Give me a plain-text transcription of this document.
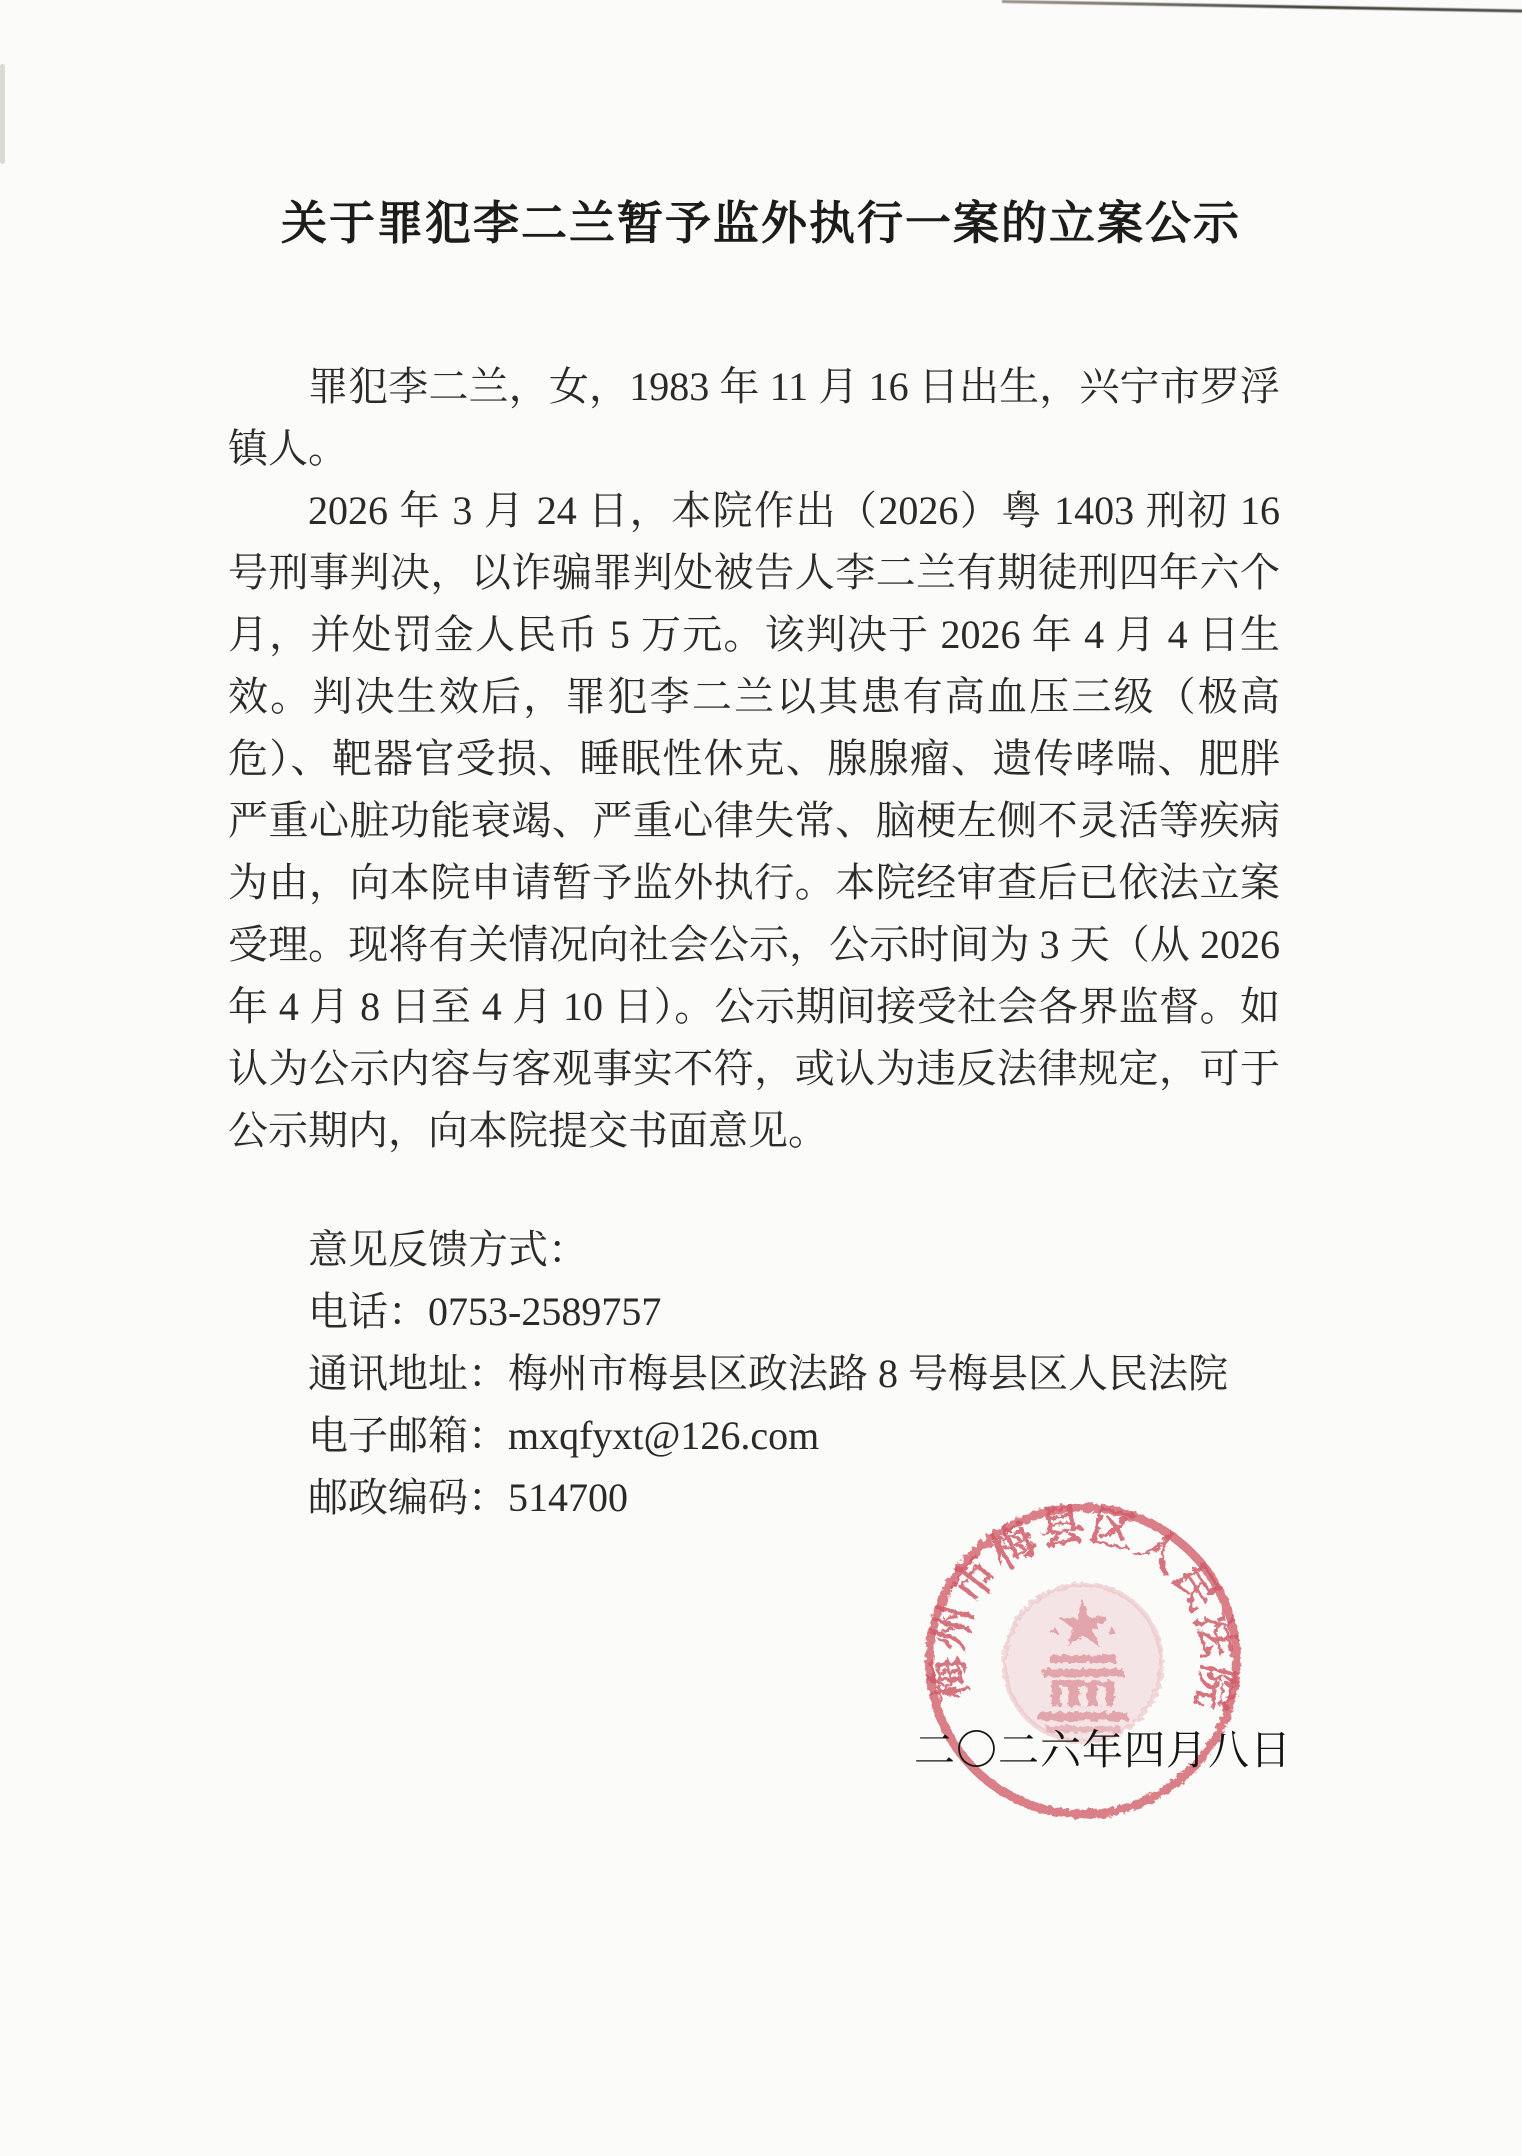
关于罪犯李二兰暂予监外执行一案的立案公示

罪犯李二兰，女，1983 年 11 月 16 日出生，兴宁市罗浮镇人。

2026 年 3 月 24 日，本院作出（2026）粤 1403 刑初 16 号刑事判决，以诈骗罪判处被告人李二兰有期徒刑四年六个月，并处罚金人民币 5 万元。该判决于 2026 年 4 月 4 日生效。判决生效后，罪犯李二兰以其患有高血压三级（极高危）、靶器官受损、睡眠性休克、腺腺瘤、遗传哮喘、肥胖严重心脏功能衰竭、严重心律失常、脑梗左侧不灵活等疾病为由，向本院申请暂予监外执行。本院经审查后已依法立案受理。现将有关情况向社会公示，公示时间为 3 天（从 2026 年 4 月 8 日至 4 月 10 日）。公示期间接受社会各界监督。如认为公示内容与客观事实不符，或认为违反法律规定，可于公示期内，向本院提交书面意见。

意见反馈方式：
电话：0753-2589757
通讯地址：梅州市梅县区政法路 8 号梅县区人民法院
电子邮箱：mxqfyxt@126.com
邮政编码：514700
梅州市梅县区人民法院
二〇二六年四月八日
